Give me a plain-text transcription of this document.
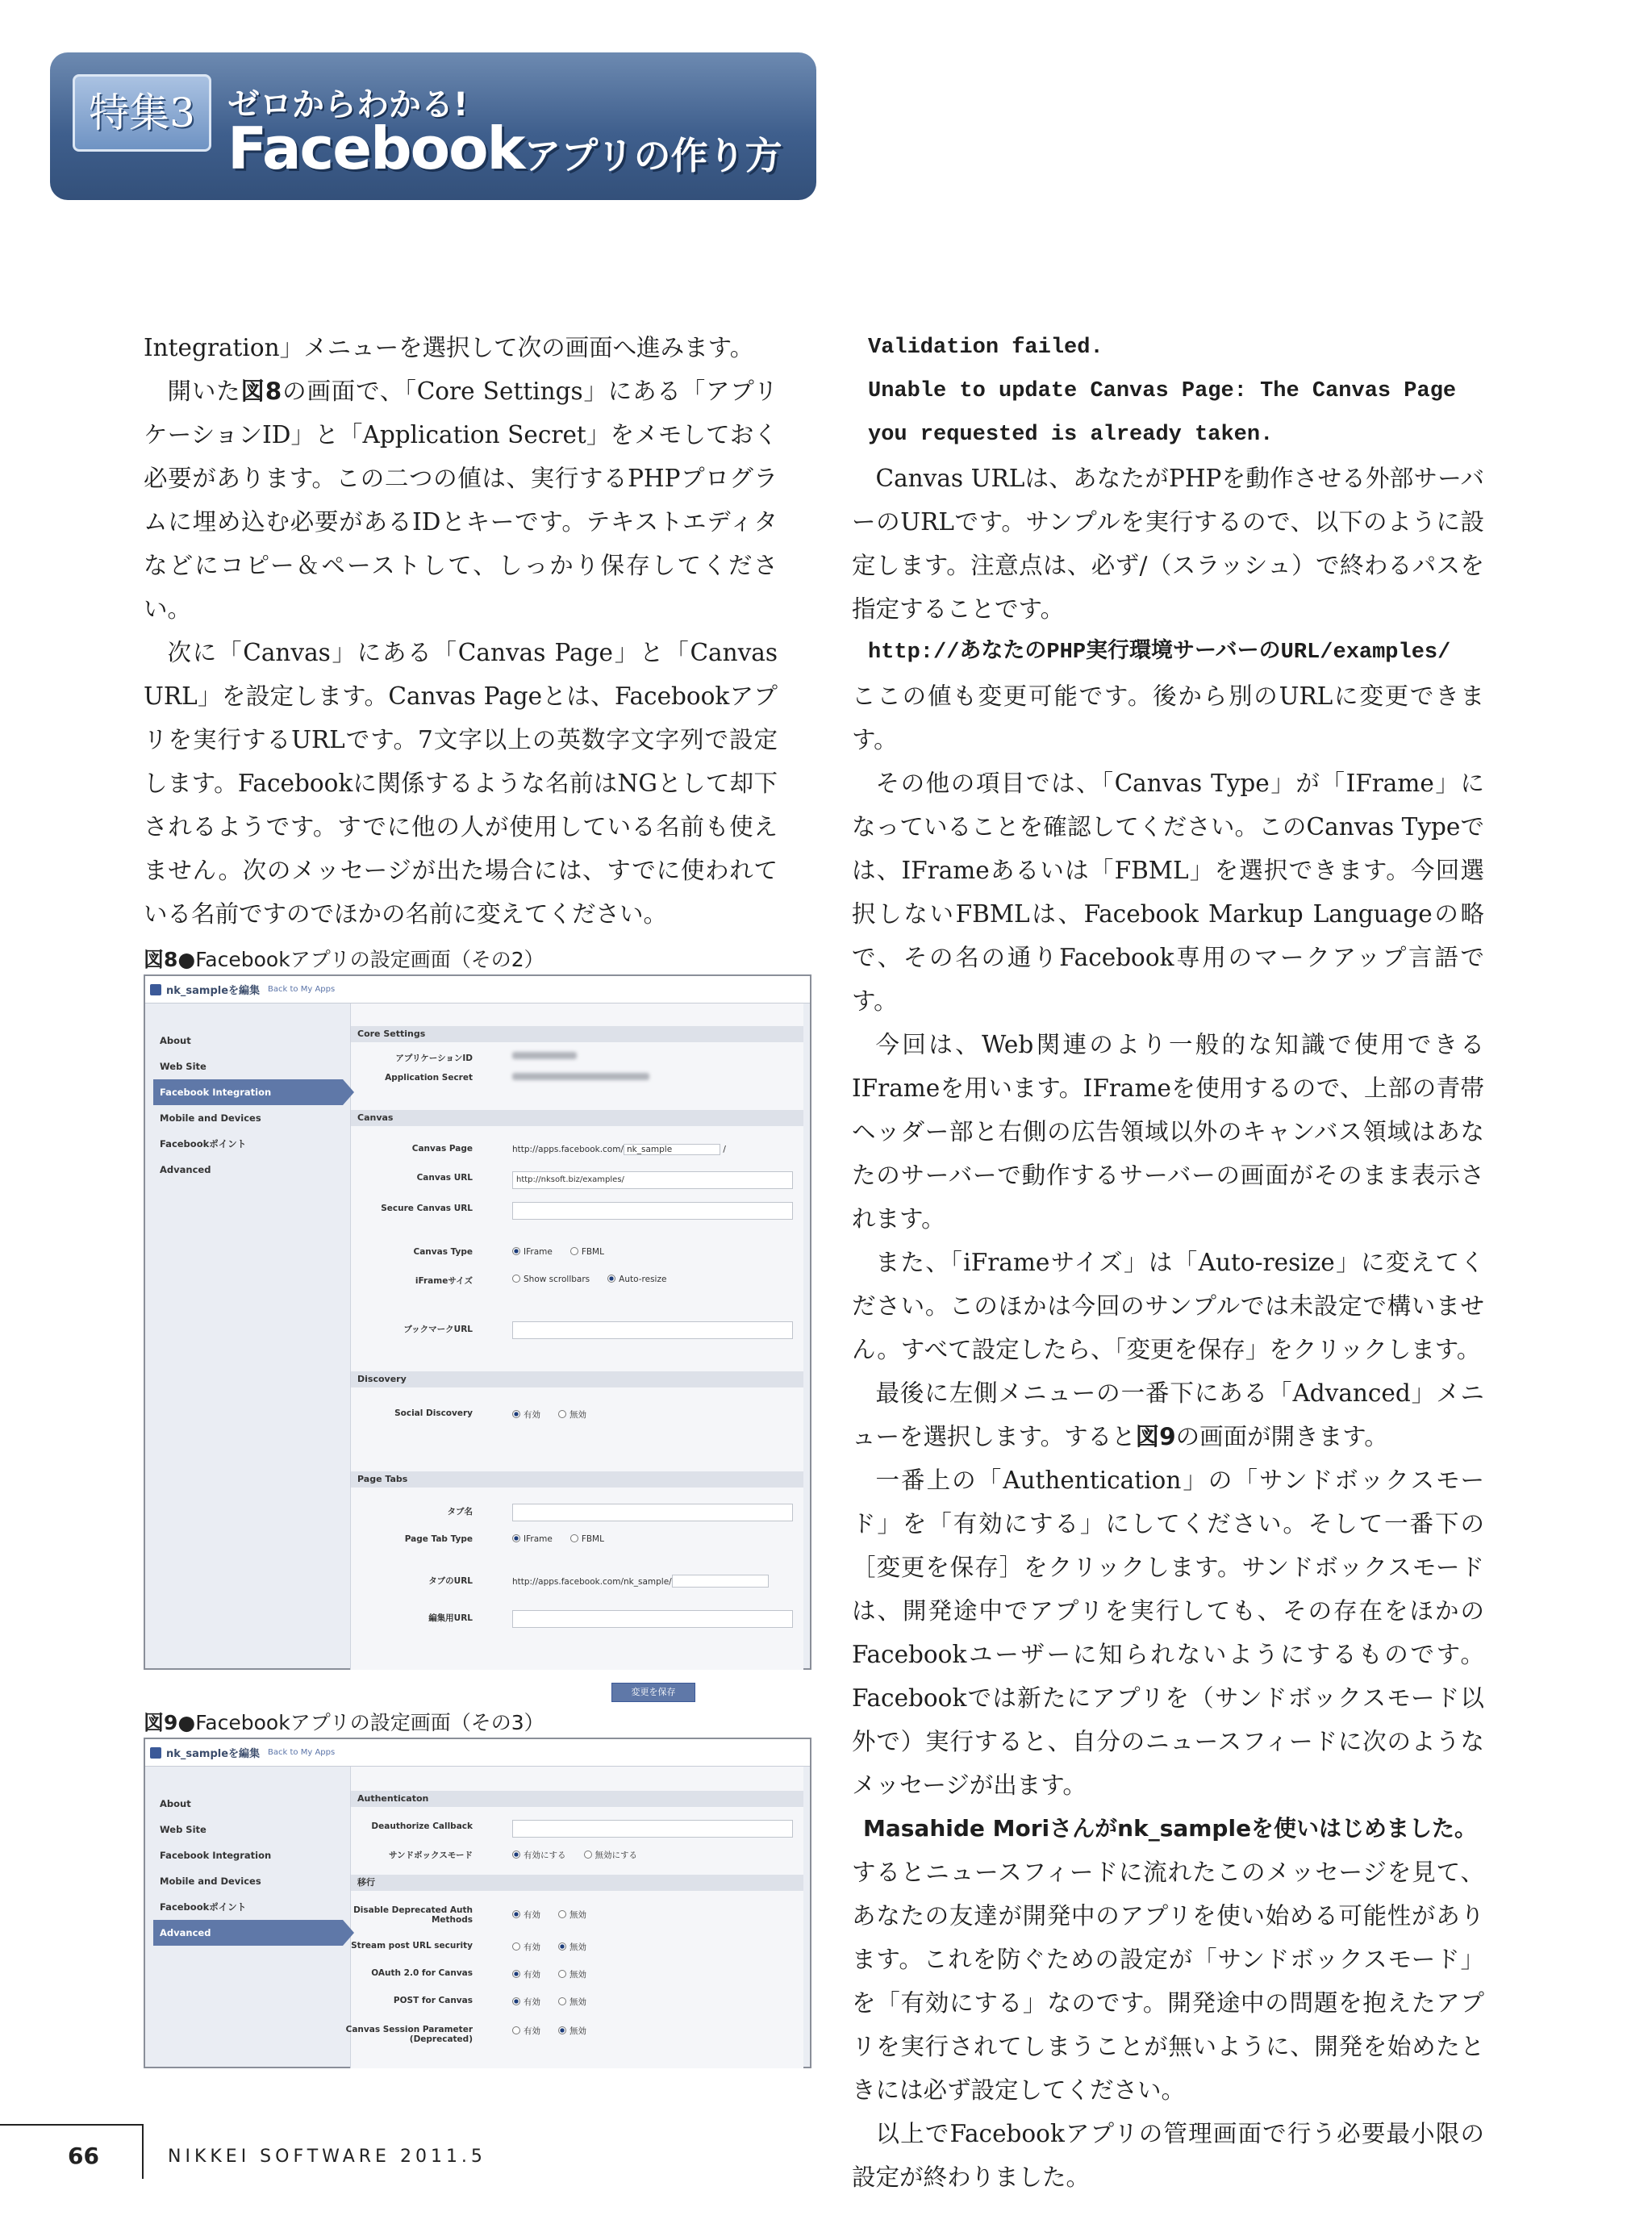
特集3	ゼロからわかる!
Facebookアプリの作り方

Integration」メニューを選択して次の画面へ進みます。

開いた図8の画面で、「Core Settings」にある「アプリケーションID」と「Application Secret」をメモしておく必要があります。この二つの値は、実行するPHPプログラムに埋め込む必要があるIDとキーです。テキストエディタなどにコピー＆ペーストして、しっかり保存してください。

次に「Canvas」にある「Canvas Page」と「Canvas URL」を設定します。Canvas Pageとは、Facebookアプリを実行するURLです。7文字以上の英数字文字列で設定します。Facebookに関係するような名前はNGとして却下されるようです。すでに他の人が使用している名前も使えません。次のメッセージが出た場合には、すでに使われている名前ですのでほかの名前に変えてください。

図8●Facebookアプリの設定画面（その2）
nk_sampleを編集 Back to My Apps
Core Settings
アプリケーションID
Application Secret
Canvas
Canvas Page	http://apps.facebook.com/ nk_sample	/
Canvas URL	http://nksoft.biz/examples/
Secure Canvas URL
Canvas Type	IFrame	FBML
iFrameサイズ	Show scrollbars	Auto-resize
ブックマークURL
Discovery
Social Discovery	有効	無効
Page Tabs
タブ名
Page Tab Type	IFrame	FBML
タブのURL	http://apps.facebook.com/nk_sample/
編集用URL
About
Web Site
Facebook Integration
Mobile and Devices
Facebookポイント
Advanced
変更を保存
図9●Facebookアプリの設定画面（その3）
nk_sampleを編集 Back to My Apps
Authenticaton
Deauthorize Callback
サンドボックスモード	有効にする	無効にする
移行
Disable Deprecated Auth
Methods	有効	無効
Stream post URL security	有効	無効
OAuth 2.0 for Canvas	有効	無効
POST for Canvas	有効	無効
Canvas Session Parameter
(Deprecated)
有効	無効
About
Web Site
Facebook Integration
Mobile and Devices
Facebookポイント
Advanced

Validation failed.

Unable to update Canvas Page: The Canvas Page you requested is already taken.

Canvas URLは、あなたがPHPを動作させる外部サーバーのURLです。サンプルを実行するので、以下のように設定します。注意点は、必ず/（スラッシュ）で終わるパスを指定することです。

http://あなたのPHP実行環境サーバーのURL/examples/

ここの値も変更可能です。後から別のURLに変更できます。

その他の項目では、「Canvas Type」が「IFrame」になっていることを確認してください。このCanvas Typeでは、IFrameあるいは「FBML」を選択できます。今回選択しないFBMLは、Facebook Markup Languageの略で、その名の通りFacebook専用のマークアップ言語です。

今回は、Web関連のより一般的な知識で使用できるIFrameを用います。IFrameを使用するので、上部の青帯ヘッダー部と右側の広告領域以外のキャンバス領域はあなたのサーバーで動作するサーバーの画面がそのまま表示されます。

また、「iFrameサイズ」は「Auto-resize」に変えてください。このほかは今回のサンプルでは未設定で構いません。すべて設定したら、「変更を保存」をクリックします。

最後に左側メニューの一番下にある「Advanced」メニューを選択します。すると図9の画面が開きます。

一番上の「Authentication」の「サンドボックスモード」を「有効にする」にしてください。そして一番下の［変更を保存］をクリックします。サンドボックスモードは、開発途中でアプリを実行しても、その存在をほかのFacebookユーザーに知られないようにするものです。Facebookでは新たにアプリを（サンドボックスモード以外で）実行すると、自分のニュースフィードに次のようなメッセージが出ます。

Masahide Moriさんがnk_sampleを使いはじめました。

するとニュースフィードに流れたこのメッセージを見て、あなたの友達が開発中のアプリを使い始める可能性があります。これを防ぐための設定が「サンドボックスモード」を「有効にする」なのです。開発途中の問題を抱えたアプリを実行されてしまうことが無いように、開発を始めたときには必ず設定してください。

以上でFacebookアプリの管理画面で行う必要最小限の設定が終わりました。

66	NIKKEI SOFTWARE 2011.5
